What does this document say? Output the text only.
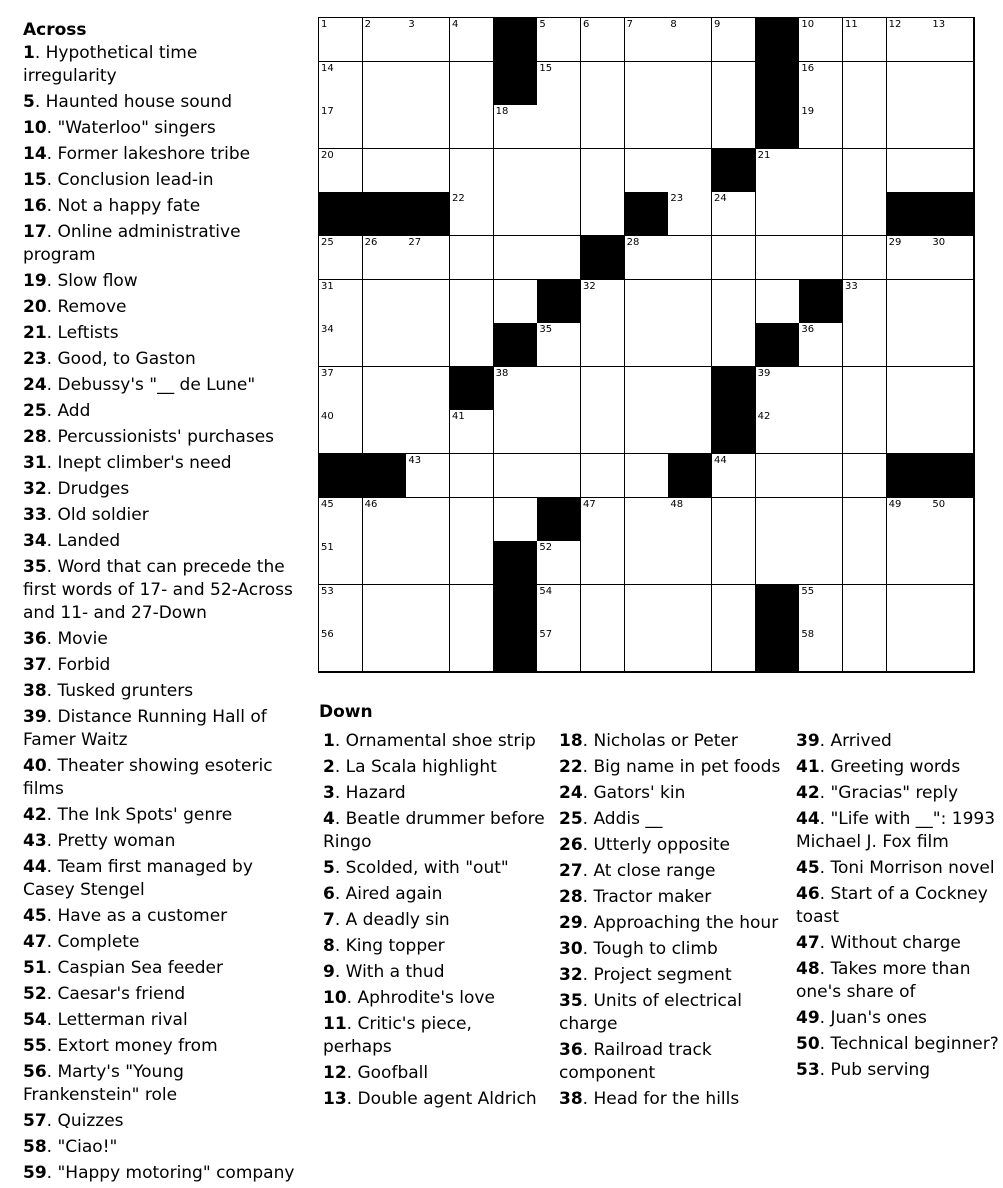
Across
1. Hypothetical time irregularity
5. Haunted house sound
10. "Waterloo" singers
14. Former lakeshore tribe
15. Conclusion lead-in
16. Not a happy fate
17. Online administrative program
19. Slow flow
20. Remove
21. Leftists
23. Good, to Gaston
24. Debussy's "__ de Lune"
25. Add
28. Percussionists' purchases
31. Inept climber's need
32. Drudges
33. Old soldier
34. Landed
35. Word that can precede the first words of 17- and 52-Across and 11- and 27-Down
36. Movie
37. Forbid
38. Tusked grunters
39. Distance Running Hall of Famer Waitz
40. Theater showing esoteric films
42. The Ink Spots' genre
43. Pretty woman
44. Team first managed by Casey Stengel
45. Have as a customer
47. Complete
51. Caspian Sea feeder
52. Caesar's friend
54. Letterman rival
55. Extort money from
56. Marty's "Young Frankenstein" role
57. Quizzes
58. "Ciao!"
59. "Happy motoring" company
1	2	3	4	5	6	7	8	9	10	11	12	13
14	15	16
17	18	19
20	21
22	23	24
25	26	27	28	29	30
31	32	33
34	35	36
37	38	39
40	41	42
43	44
45	46	47	48	49	50
51	52
53	54	55
56	57	58
Down
1. Ornamental shoe strip
2. La Scala highlight
3. Hazard
4. Beatle drummer before Ringo
5. Scolded, with "out"
6. Aired again
7. A deadly sin
8. King topper
9. With a thud
10. Aphrodite's love
11. Critic's piece, perhaps
12. Goofball
13. Double agent Aldrich
18. Nicholas or Peter
22. Big name in pet foods
24. Gators' kin
25. Addis __
26. Utterly opposite
27. At close range
28. Tractor maker
29. Approaching the hour
30. Tough to climb
32. Project segment
35. Units of electrical charge
36. Railroad track component
38. Head for the hills
39. Arrived
41. Greeting words
42. "Gracias" reply
44. "Life with __": 1993 Michael J. Fox film
45. Toni Morrison novel
46. Start of a Cockney toast
47. Without charge
48. Takes more than one's share of
49. Juan's ones
50. Technical beginner?
53. Pub serving
